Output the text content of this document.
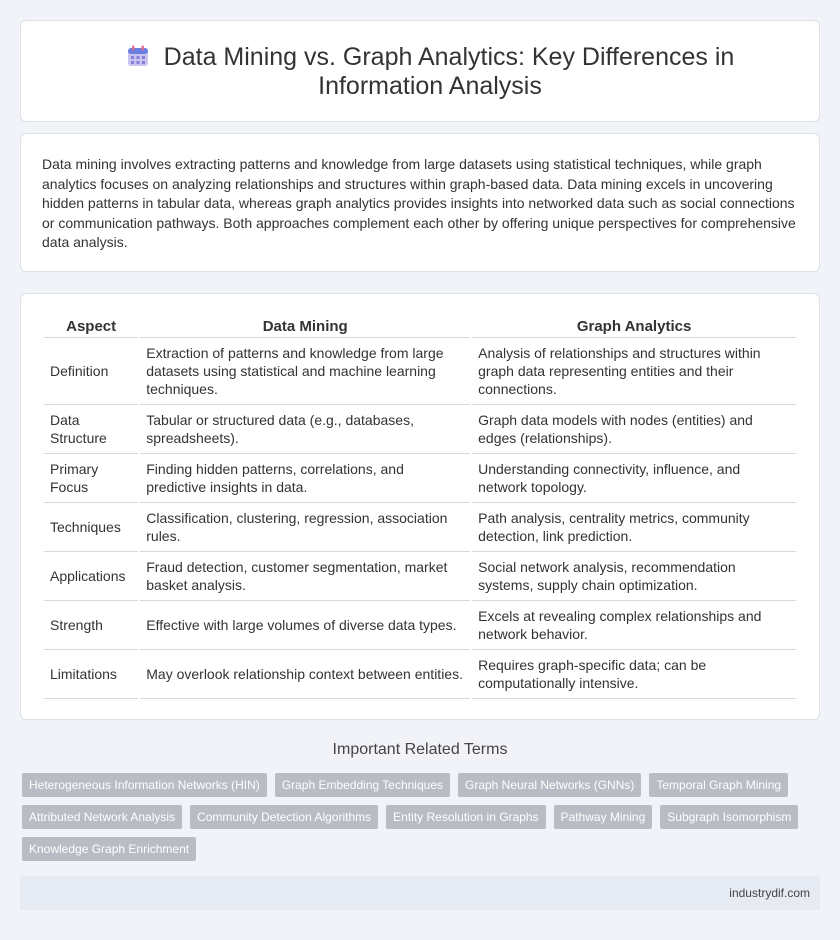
Data Mining vs. Graph Analytics: Key Differences in Information Analysis

Data mining involves extracting patterns and knowledge from large datasets using statistical techniques, while graph analytics focuses on analyzing relationships and structures within graph-based data. Data mining excels in uncovering hidden patterns in tabular data, whereas graph analytics provides insights into networked data such as social connections or communication pathways. Both approaches complement each other by offering unique perspectives for comprehensive data analysis.

Aspect	Data Mining	Graph Analytics
Definition	Extraction of patterns and knowledge from large datasets using statistical and machine learning techniques.	Analysis of relationships and structures within graph data representing entities and their connections.
Data Structure	Tabular or structured data (e.g., databases, spreadsheets).	Graph data models with nodes (entities) and edges (relationships).
Primary Focus	Finding hidden patterns, correlations, and predictive insights in data.	Understanding connectivity, influence, and network topology.
Techniques	Classification, clustering, regression, association rules.	Path analysis, centrality metrics, community detection, link prediction.
Applications	Fraud detection, customer segmentation, market basket analysis.	Social network analysis, recommendation systems, supply chain optimization.
Strength	Effective with large volumes of diverse data types.	Excels at revealing complex relationships and network behavior.
Limitations	May overlook relationship context between entities.	Requires graph-specific data; can be computationally intensive.
Important Related Terms
Heterogeneous Information Networks (HIN)	Graph Embedding Techniques	Graph Neural Networks (GNNs)	Temporal Graph Mining
Attributed Network Analysis	Community Detection Algorithms	Entity Resolution in Graphs	Pathway Mining	Subgraph Isomorphism
Knowledge Graph Enrichment
industrydif.com
